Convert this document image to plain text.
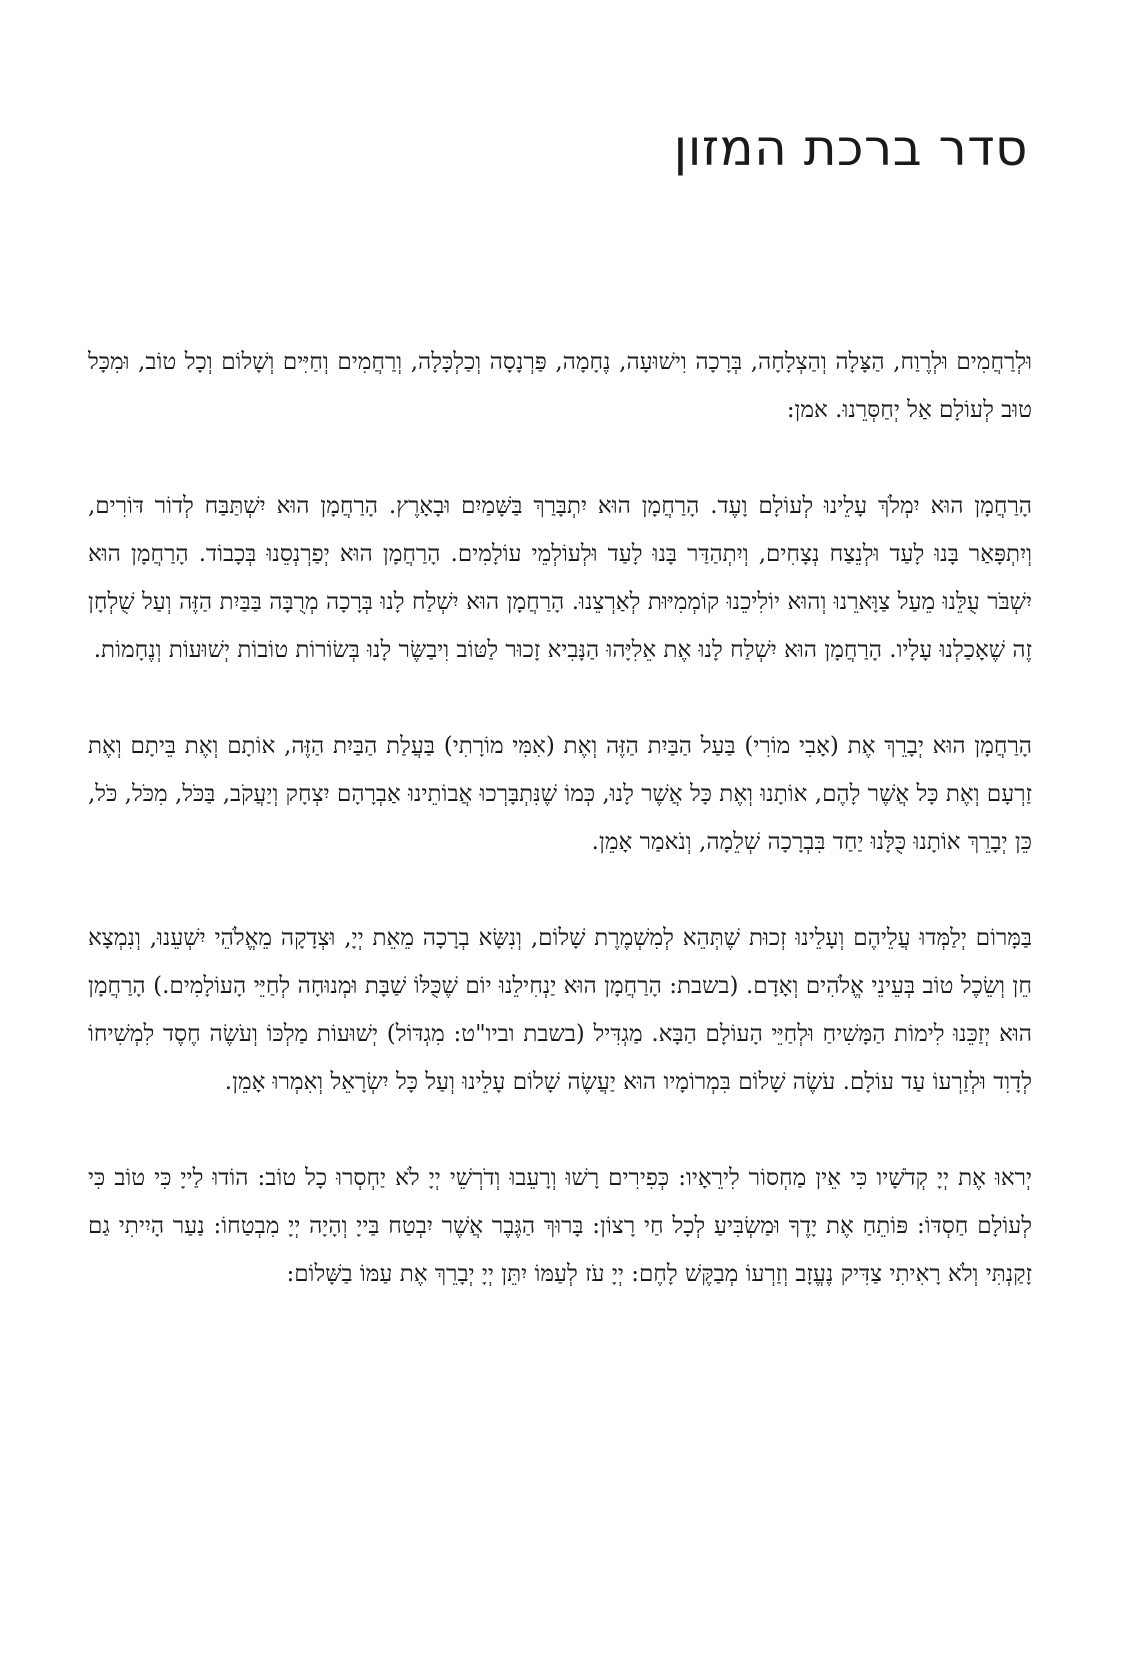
סדר ברכת המזון

וּלְרַחֲמִים וּלְרֶוַח, הַצָּלָה וְהַצְלָחָה, בְּרָכָה וִישׁוּעָה, נֶחָמָה, פַּרְנָסָה וְכַלְכָּלָה, וְרַחֲמִים וְחַיִּים וְשָׁלוֹם וְכָל טוֹב, וּמִכָּל טוּב לְעוֹלָם אַל יְחַסְּרֵנוּ. אמן:

הָרַחֲמָן הוּא יִמְלֹךְ עָלֵינוּ לְעוֹלָם וָעֶד. הָרַחֲמָן הוּא יִתְבָּרַךְ בַּשָּׁמַיִם וּבָאָרֶץ. הָרַחֲמָן הוּא יִשְׁתַּבַּח לְדוֹר דּוֹרִים, וְיִתְפָּאַר בָּנוּ לָעַד וּלְנֵצַח נְצָחִים, וְיִתְהַדַּר בָּנוּ לָעַד וּלְעוֹלְמֵי עוֹלָמִים. הָרַחֲמָן הוּא יְפַרְנְסֵנוּ בְּכָבוֹד. הָרַחֲמָן הוּא יִשְׁבֹּר עֻלֵּנוּ מֵעַל צַוָּארֵנוּ וְהוּא יוֹלִיכֵנוּ קוֹמְמִיּוּת לְאַרְצֵנוּ. הָרַחֲמָן הוּא יִשְׁלַח לָנוּ בְּרָכָה מְרֻבָּה בַּבַּיִת הַזֶּה וְעַל שֻׁלְחָן זֶה שֶׁאָכַלְנוּ עָלָיו. הָרַחֲמָן הוּא יִשְׁלַח לָנוּ אֶת אֵלִיָּהוּ הַנָּבִיא זָכוּר לַטּוֹב וִיבַשֶּׂר לָנוּ בְּשׂוֹרוֹת טוֹבוֹת יְשׁוּעוֹת וְנֶחָמוֹת.

הָרַחֲמָן הוּא יְבָרֵךְ אֶת (אָבִי מוֹרִי) בַּעַל הַבַּיִת הַזֶּה וְאֶת (אִמִּי מוֹרָתִי) בַּעֲלַת הַבַּיִת הַזֶּה, אוֹתָם וְאֶת בֵּיתָם וְאֶת זַרְעָם וְאֶת כָּל אֲשֶׁר לָהֶם, אוֹתָנוּ וְאֶת כָּל אֲשֶׁר לָנוּ, כְּמוֹ שֶׁנִּתְבָּרְכוּ אֲבוֹתֵינוּ אַבְרָהָם יִצְחָק וְיַעֲקֹב, בַּכֹּל, מִכֹּל, כֹּל, כֵּן יְבָרֵךְ אוֹתָנוּ כֻּלָּנוּ יַחַד בִּבְרָכָה שְׁלֵמָה, וְנֹאמַר אָמֵן.

בַּמָּרוֹם יְלַמְּדוּ עֲלֵיהֶם וְעָלֵינוּ זְכוּת שֶׁתְּהֵא לְמִשְׁמֶרֶת שָׁלוֹם, וְנִשָּׂא בְרָכָה מֵאֵת יְיָ, וּצְדָקָה מֵאֱלֹהֵי יִשְׁעֵנוּ, וְנִמְצָא חֵן וְשֵׂכֶל טוֹב בְּעֵינֵי אֱלֹהִים וְאָדָם. (בשבת: הָרַחֲמָן הוּא יַנְחִילֵנוּ יוֹם שֶׁכֻּלּוֹ שַׁבָּת וּמְנוּחָה לְחַיֵּי הָעוֹלָמִים.) הָרַחֲמָן הוּא יְזַכֵּנוּ לִימוֹת הַמָּשִׁיחַ וּלְחַיֵּי הָעוֹלָם הַבָּא. מַגְדִּיל (בשבת וביו"ט: מִגְדּוֹל) יְשׁוּעוֹת מַלְכּוֹ וְעֹשֶׂה חֶסֶד לִמְשִׁיחוֹ לְדָוִד וּלְזַרְעוֹ עַד עוֹלָם. עֹשֶׂה שָׁלוֹם בִּמְרוֹמָיו הוּא יַעֲשֶׂה שָׁלוֹם עָלֵינוּ וְעַל כָּל יִשְׂרָאֵל וְאִמְרוּ אָמֵן.

יְראוּ אֶת יְיָ קְדֹשָׁיו כִּי אֵין מַחְסוֹר לִירֵאָיו: כְּפִירִים רָשׁוּ וְרָעֵבוּ וְדֹרְשֵׁי יְיָ לֹא יַחְסְרוּ כָל טוֹב: הוֹדוּ לַייָ כִּי טוֹב כִּי לְעוֹלָם חַסְדּוֹ: פּוֹתֵחַ אֶת יָדֶךָ וּמַשְׂבִּיעַ לְכָל חַי רָצוֹן: בָּרוּךְ הַגֶּבֶר אֲשֶׁר יִבְטַח בַּייָ וְהָיָה יְיָ מִבְטַחוֹ: נַעַר הָיִיתִי גַם זָקַנְתִּי וְלֹא רָאִיתִי צַדִּיק נֶעֱזָב וְזַרְעוֹ מְבַקֶּשׁ לָחֶם: יְיָ עֹז לְעַמּוֹ יִתֵּן יְיָ יְבָרֵךְ אֶת עַמּוֹ בַשָּׁלוֹם:
